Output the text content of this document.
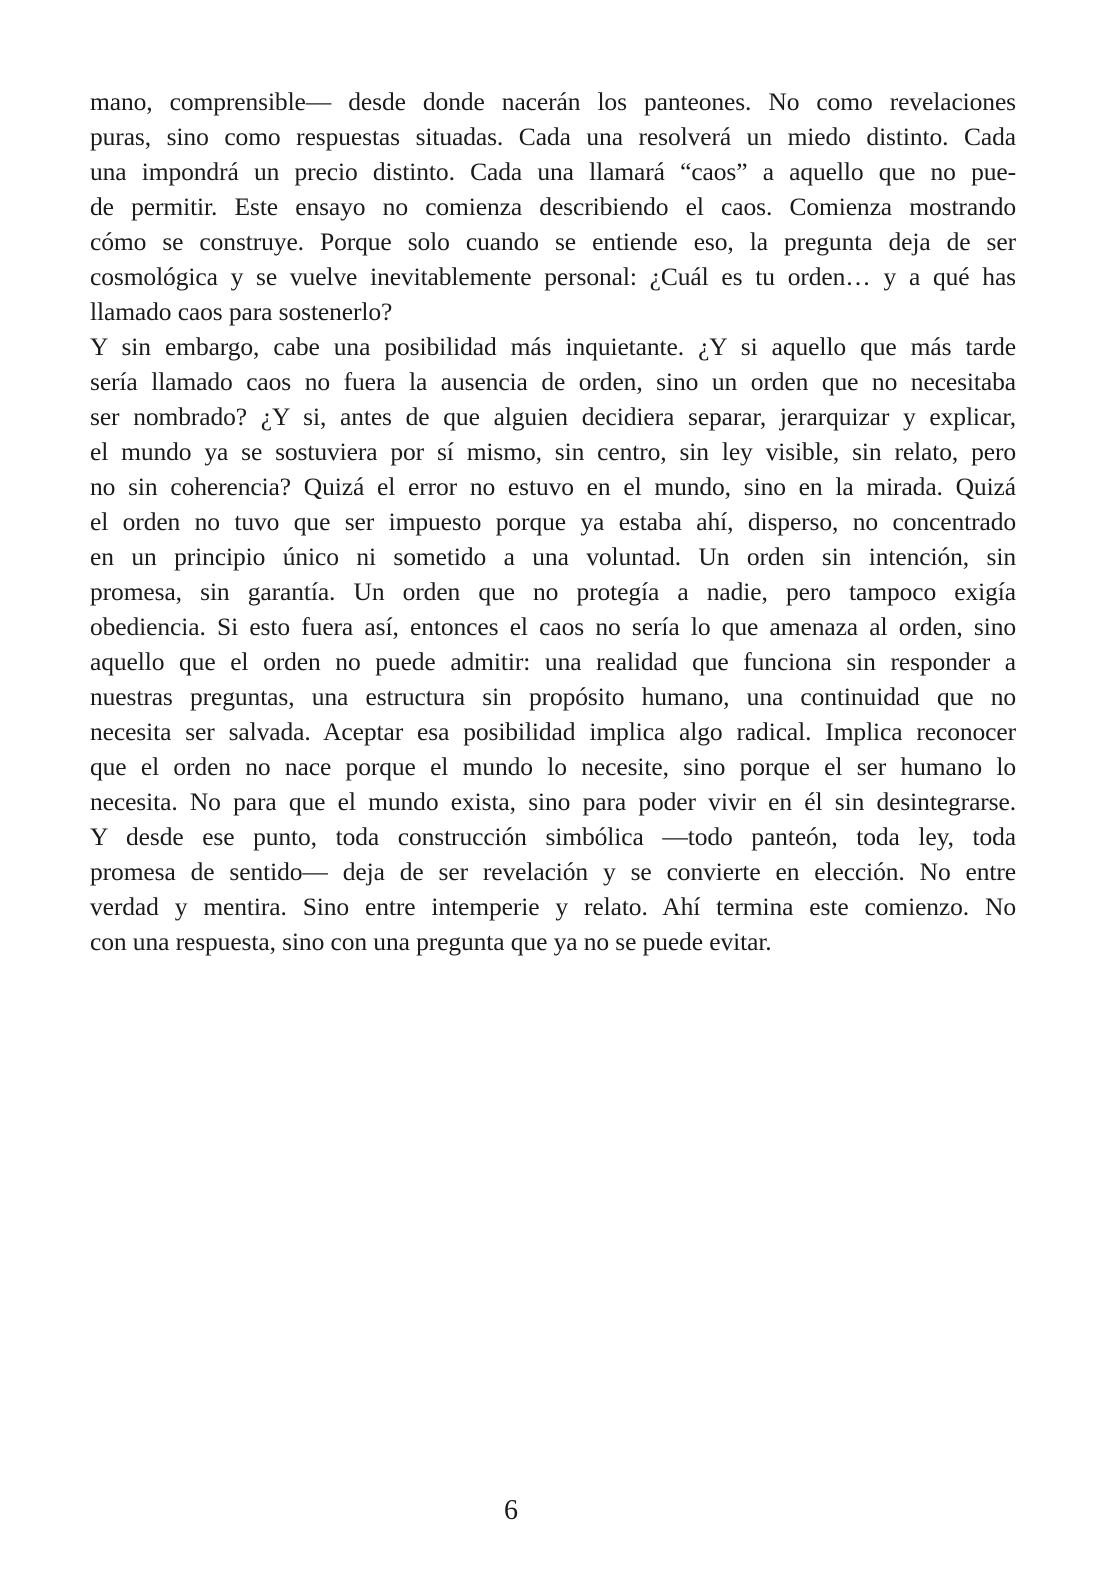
mano, comprensible— desde donde nacerán los panteones. No como revelaciones
puras, sino como respuestas situadas. Cada una resolverá un miedo distinto. Cada
una impondrá un precio distinto. Cada una llamará “caos” a aquello que no pue-
de permitir. Este ensayo no comienza describiendo el caos. Comienza mostrando
cómo se construye. Porque solo cuando se entiende eso, la pregunta deja de ser
cosmológica y se vuelve inevitablemente personal: ¿Cuál es tu orden… y a qué has
llamado caos para sostenerlo?
Y sin embargo, cabe una posibilidad más inquietante. ¿Y si aquello que más tarde
sería llamado caos no fuera la ausencia de orden, sino un orden que no necesitaba
ser nombrado? ¿Y si, antes de que alguien decidiera separar, jerarquizar y explicar,
el mundo ya se sostuviera por sí mismo, sin centro, sin ley visible, sin relato, pero
no sin coherencia? Quizá el error no estuvo en el mundo, sino en la mirada. Quizá
el orden no tuvo que ser impuesto porque ya estaba ahí, disperso, no concentrado
en un principio único ni sometido a una voluntad. Un orden sin intención, sin
promesa, sin garantía. Un orden que no protegía a nadie, pero tampoco exigía
obediencia. Si esto fuera así, entonces el caos no sería lo que amenaza al orden, sino
aquello que el orden no puede admitir: una realidad que funciona sin responder a
nuestras preguntas, una estructura sin propósito humano, una continuidad que no
necesita ser salvada. Aceptar esa posibilidad implica algo radical. Implica reconocer
que el orden no nace porque el mundo lo necesite, sino porque el ser humano lo
necesita. No para que el mundo exista, sino para poder vivir en él sin desintegrarse.
Y desde ese punto, toda construcción simbólica —todo panteón, toda ley, toda
promesa de sentido— deja de ser revelación y se convierte en elección. No entre
verdad y mentira. Sino entre intemperie y relato. Ahí termina este comienzo. No
con una respuesta, sino con una pregunta que ya no se puede evitar.
6
